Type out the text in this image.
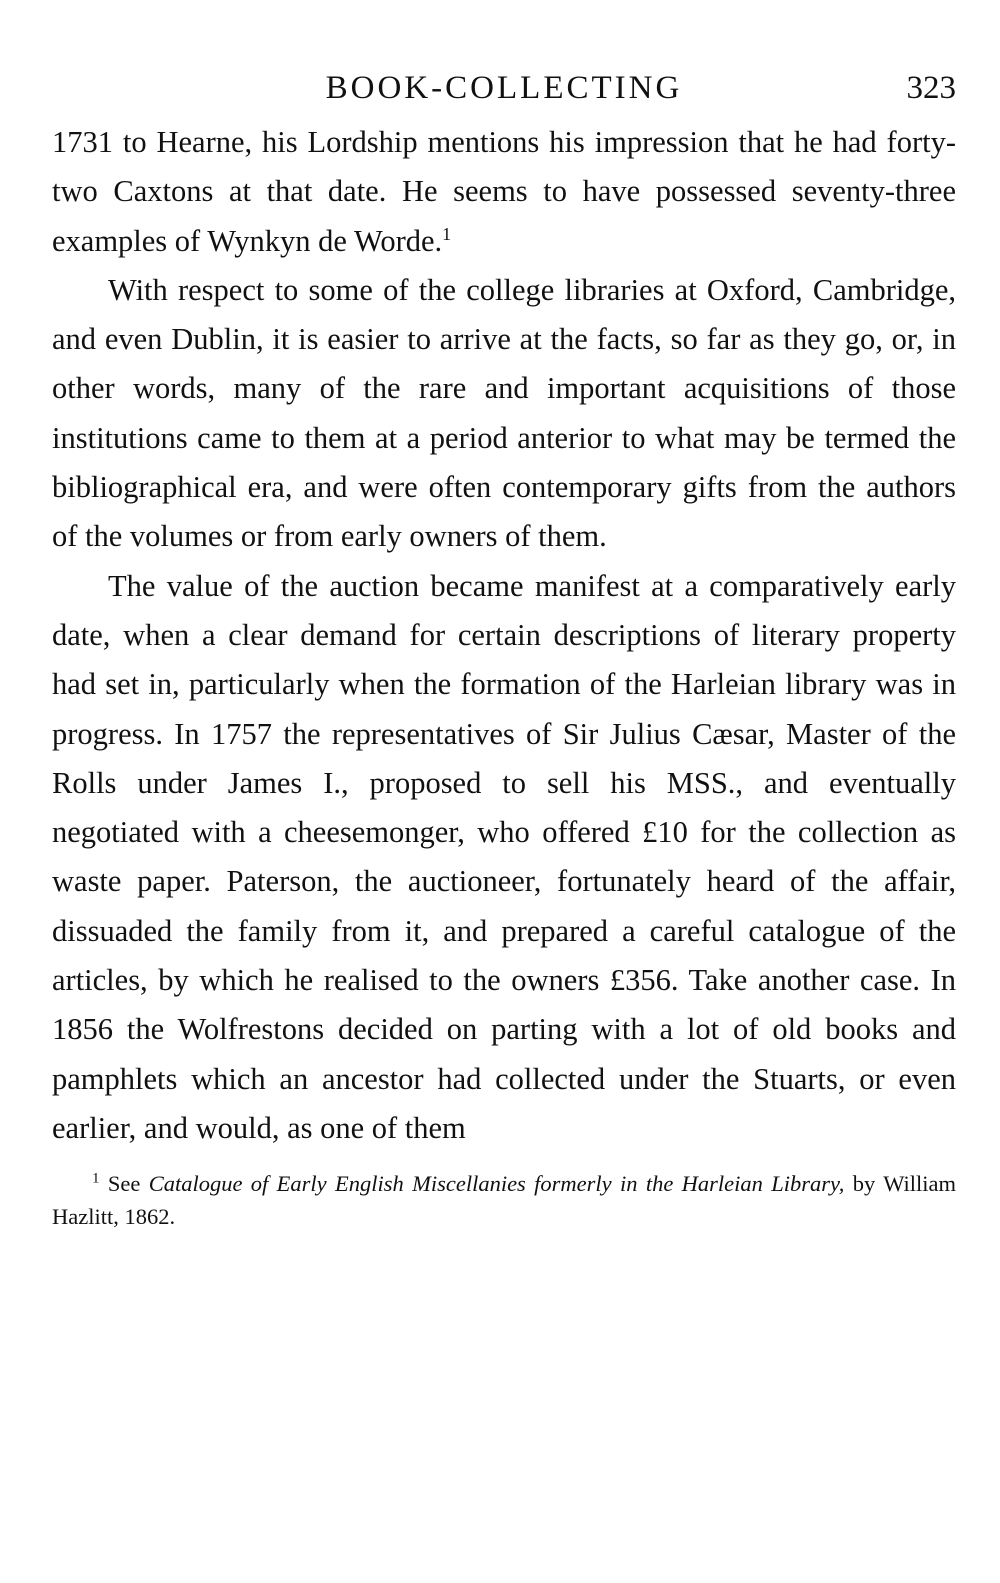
BOOK-COLLECTING	323

1731 to Hearne, his Lordship mentions his impression that he had forty-two Caxtons at that date. He seems to have possessed seventy-three examples of Wynkyn de Worde.$^1$

With respect to some of the college libraries at Oxford, Cambridge, and even Dublin, it is easier to arrive at the facts, so far as they go, or, in other words, many of the rare and important acquisitions of those institutions came to them at a period anterior to what may be termed the bibliographical era, and were often contemporary gifts from the authors of the volumes or from early owners of them.

The value of the auction became manifest at a comparatively early date, when a clear demand for certain descriptions of literary property had set in, particularly when the formation of the Harleian library was in progress. In 1757 the representatives of Sir Julius Cæsar, Master of the Rolls under James I., proposed to sell his MSS., and eventually negotiated with a cheesemonger, who offered £10 for the collection as waste paper. Paterson, the auctioneer, fortunately heard of the affair, dissuaded the family from it, and prepared a careful catalogue of the articles, by which he realised to the owners £356. Take another case. In 1856 the Wolfrestons decided on parting with a lot of old books and pamphlets which an ancestor had collected under the Stuarts, or even earlier, and would, as one of them

$^1$ See Catalogue of Early English Miscellanies formerly in the Harleian Library, by William Hazlitt, 1862.
